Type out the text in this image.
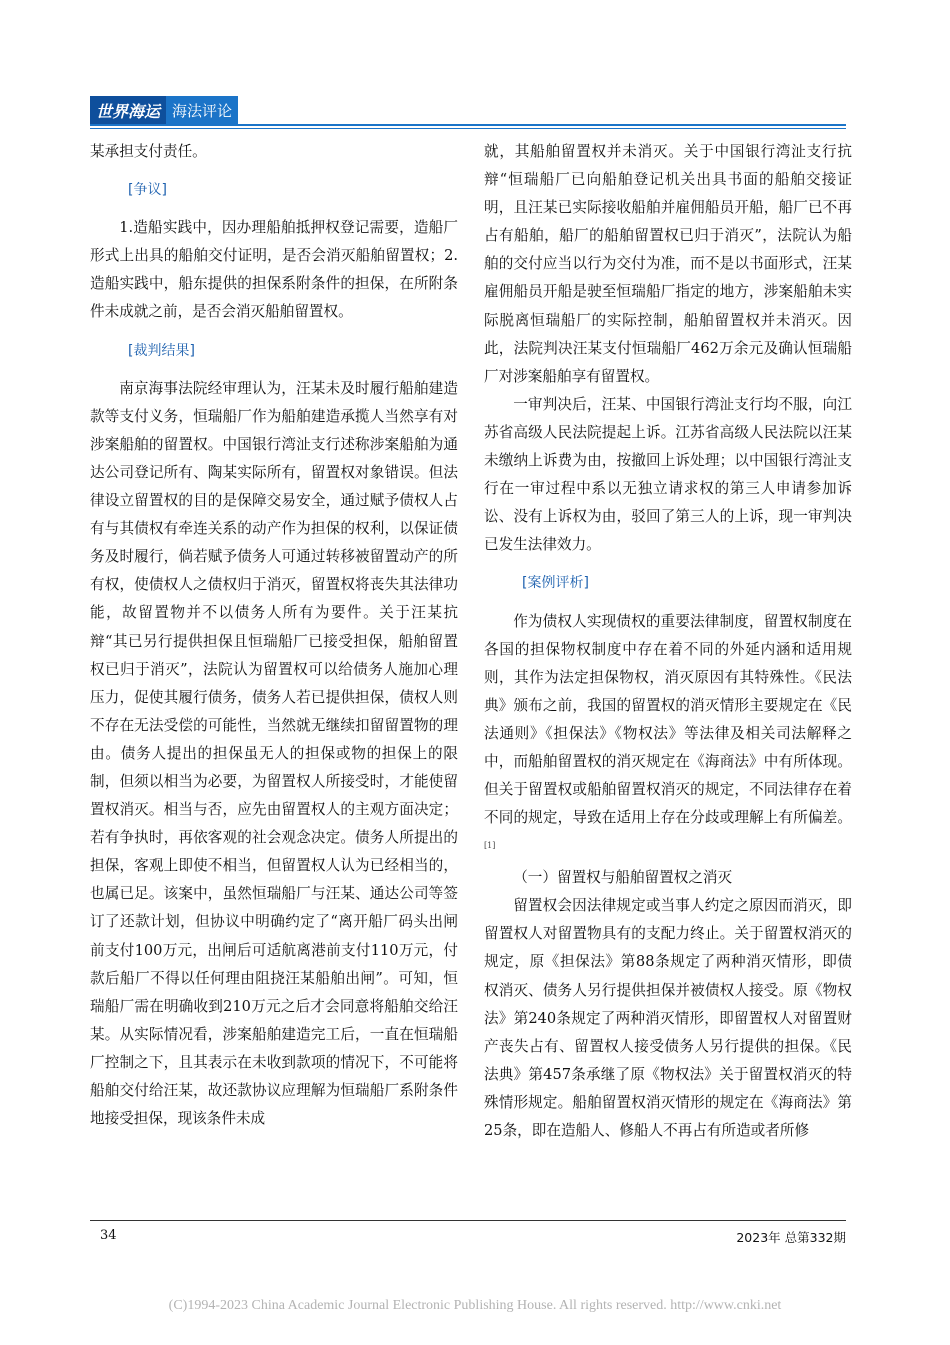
世界海运 海法评论

某承担支付责任。

[争议]

1.造船实践中，因办理船舶抵押权登记需要，造船厂形式上出具的船舶交付证明，是否会消灭船舶留置权；2.造船实践中，船东提供的担保系附条件的担保，在所附条件未成就之前，是否会消灭船舶留置权。

[裁判结果]

南京海事法院经审理认为，汪某未及时履行船舶建造款等支付义务，恒瑞船厂作为船舶建造承揽人当然享有对涉案船舶的留置权。中国银行湾沚支行述称涉案船舶为通达公司登记所有、陶某实际所有，留置权对象错误。但法律设立留置权的目的是保障交易安全，通过赋予债权人占有与其债权有牵连关系的动产作为担保的权利，以保证债务及时履行，倘若赋予债务人可通过转移被留置动产的所有权，使债权人之债权归于消灭，留置权将丧失其法律功能，故留置物并不以债务人所有为要件。关于汪某抗辩“其已另行提供担保且恒瑞船厂已接受担保，船舶留置权已归于消灭”，法院认为留置权可以给债务人施加心理压力，促使其履行债务，债务人若已提供担保，债权人则不存在无法受偿的可能性，当然就无继续扣留留置物的理由。债务人提出的担保虽无人的担保或物的担保上的限制，但须以相当为必要，为留置权人所接受时，才能使留置权消灭。相当与否，应先由留置权人的主观方面决定；若有争执时，再依客观的社会观念决定。债务人所提出的担保，客观上即使不相当，但留置权人认为已经相当的，也属已足。该案中，虽然恒瑞船厂与汪某、通达公司等签订了还款计划，但协议中明确约定了“离开船厂码头出闸前支付100万元，出闸后可适航离港前支付110万元，付款后船厂不得以任何理由阻挠汪某船舶出闸”。可知，恒瑞船厂需在明确收到210万元之后才会同意将船舶交给汪某。从实际情况看，涉案船舶建造完工后，一直在恒瑞船厂控制之下，且其表示在未收到款项的情况下，不可能将船舶交付给汪某，故还款协议应理解为恒瑞船厂系附条件地接受担保，现该条件未成

就，其船舶留置权并未消灭。关于中国银行湾沚支行抗辩“恒瑞船厂已向船舶登记机关出具书面的船舶交接证明，且汪某已实际接收船舶并雇佣船员开船，船厂已不再占有船舶，船厂的船舶留置权已归于消灭”，法院认为船舶的交付应当以行为交付为准，而不是以书面形式，汪某雇佣船员开船是驶至恒瑞船厂指定的地方，涉案船舶未实际脱离恒瑞船厂的实际控制，船舶留置权并未消灭。因此，法院判决汪某支付恒瑞船厂462万余元及确认恒瑞船厂对涉案船舶享有留置权。

一审判决后，汪某、中国银行湾沚支行均不服，向江苏省高级人民法院提起上诉。江苏省高级人民法院以汪某未缴纳上诉费为由，按撤回上诉处理；以中国银行湾沚支行在一审过程中系以无独立请求权的第三人申请参加诉讼、没有上诉权为由，驳回了第三人的上诉，现一审判决已发生法律效力。

[案例评析]

作为债权人实现债权的重要法律制度，留置权制度在各国的担保物权制度中存在着不同的外延内涵和适用规则，其作为法定担保物权，消灭原因有其特殊性。《民法典》颁布之前，我国的留置权的消灭情形主要规定在《民法通则》《担保法》《物权法》等法律及相关司法解释之中，而船舶留置权的消灭规定在《海商法》中有所体现。但关于留置权或船舶留置权消灭的规定，不同法律存在着不同的规定，导致在适用上存在分歧或理解上有所偏差。[1]

（一）留置权与船舶留置权之消灭

留置权会因法律规定或当事人约定之原因而消灭，即留置权人对留置物具有的支配力终止。关于留置权消灭的规定，原《担保法》第88条规定了两种消灭情形，即债权消灭、债务人另行提供担保并被债权人接受。原《物权法》第240条规定了两种消灭情形，即留置权人对留置财产丧失占有、留置权人接受债务人另行提供的担保。《民法典》第457条承继了原《物权法》关于留置权消灭的特殊情形规定。船舶留置权消灭情形的规定在《海商法》第25条，即在造船人、修船人不再占有所造或者所修

34	2023年 总第332期
(C)1994-2023 China Academic Journal Electronic Publishing House. All rights reserved. http://www.cnki.net
